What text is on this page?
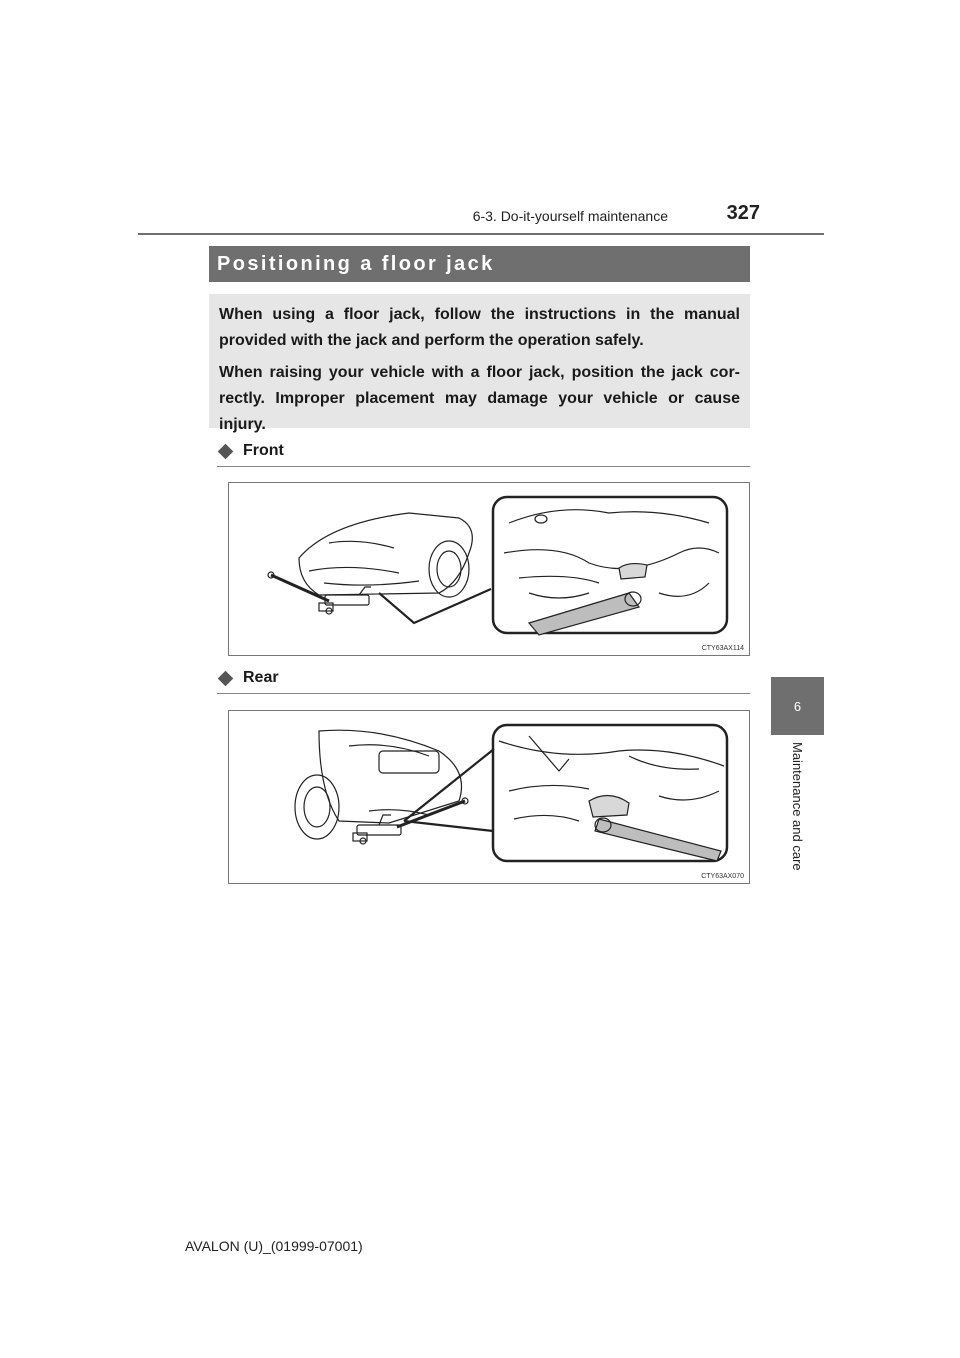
6-3. Do-it-yourself maintenance	327
6
Maintenance and care
Positioning a floor jack

When using a floor jack, follow the instructions in the manual provided with the jack and perform the operation safely.

When raising your vehicle with a floor jack, position the jack cor- rectly. Improper placement may damage your vehicle or cause injury.

Front
CTY63AX114
Rear
CTY63AX070
AVALON (U)_(01999-07001)
